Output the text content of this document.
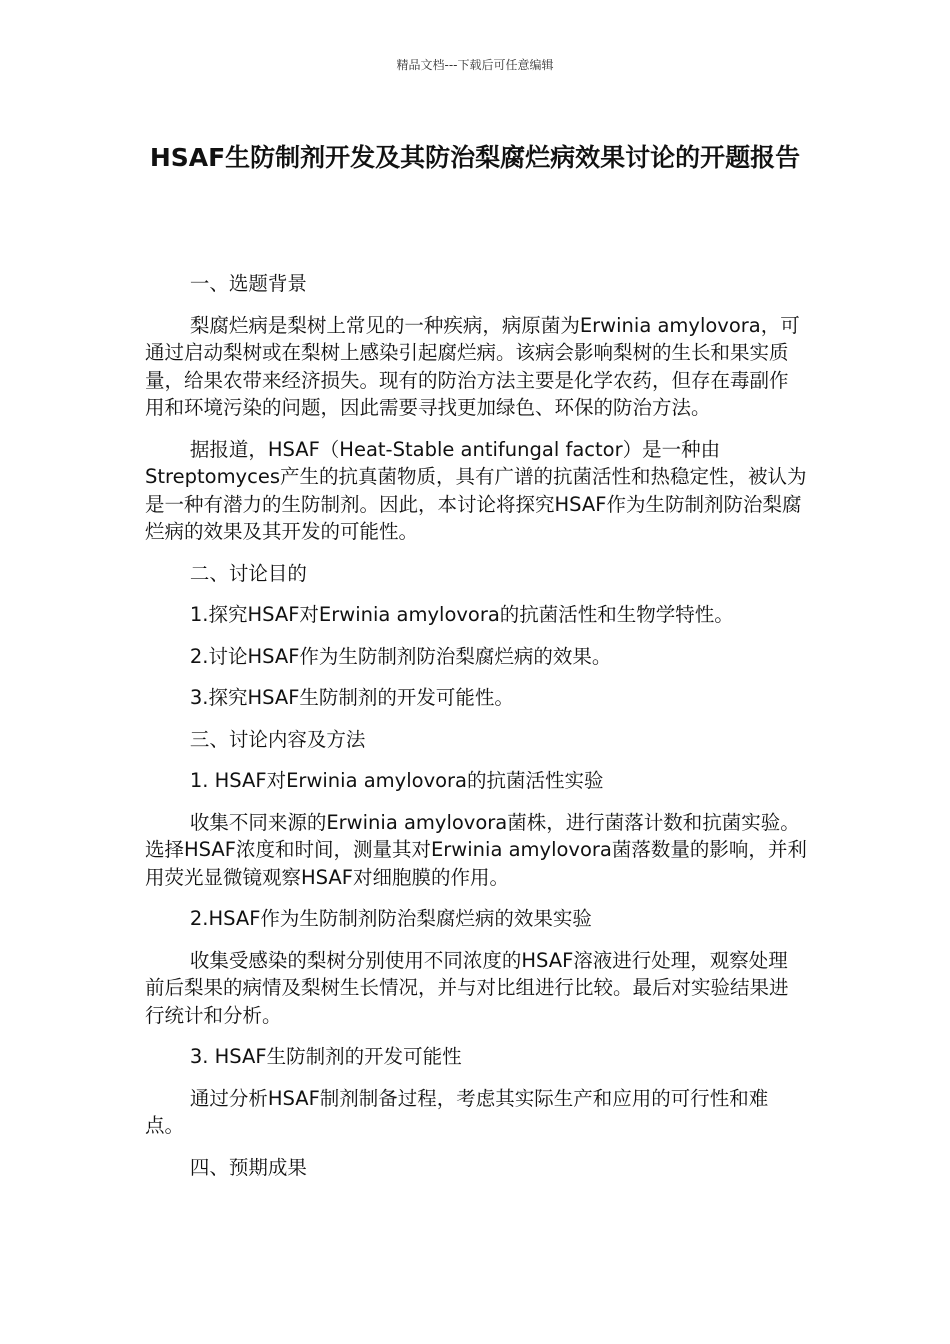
精品文档---下载后可任意编辑
HSAF生防制剂开发及其防治梨腐烂病效果讨论的开题报告

一、选题背景

梨腐烂病是梨树上常见的一种疾病，病原菌为Erwinia amylovora，可通过启动梨树或在梨树上感染引起腐烂病。该病会影响梨树的生长和果实质量，给果农带来经济损失。现有的防治方法主要是化学农药，但存在毒副作用和环境污染的问题，因此需要寻找更加绿色、环保的防治方法。

据报道，HSAF（Heat-Stable antifungal factor）是一种由Streptomyces产生的抗真菌物质，具有广谱的抗菌活性和热稳定性，被认为是一种有潜力的生防制剂。因此，本讨论将探究HSAF作为生防制剂防治梨腐烂病的效果及其开发的可能性。

二、讨论目的

1.探究HSAF对Erwinia amylovora的抗菌活性和生物学特性。

2.讨论HSAF作为生防制剂防治梨腐烂病的效果。

3.探究HSAF生防制剂的开发可能性。

三、讨论内容及方法

1. HSAF对Erwinia amylovora的抗菌活性实验

收集不同来源的Erwinia amylovora菌株，进行菌落计数和抗菌实验。选择HSAF浓度和时间，测量其对Erwinia amylovora菌落数量的影响，并利用荧光显微镜观察HSAF对细胞膜的作用。

2.HSAF作为生防制剂防治梨腐烂病的效果实验

收集受感染的梨树分别使用不同浓度的HSAF溶液进行处理，观察处理前后梨果的病情及梨树生长情况，并与对比组进行比较。最后对实验结果进行统计和分析。

3. HSAF生防制剂的开发可能性

通过分析HSAF制剂制备过程，考虑其实际生产和应用的可行性和难点。

四、预期成果
